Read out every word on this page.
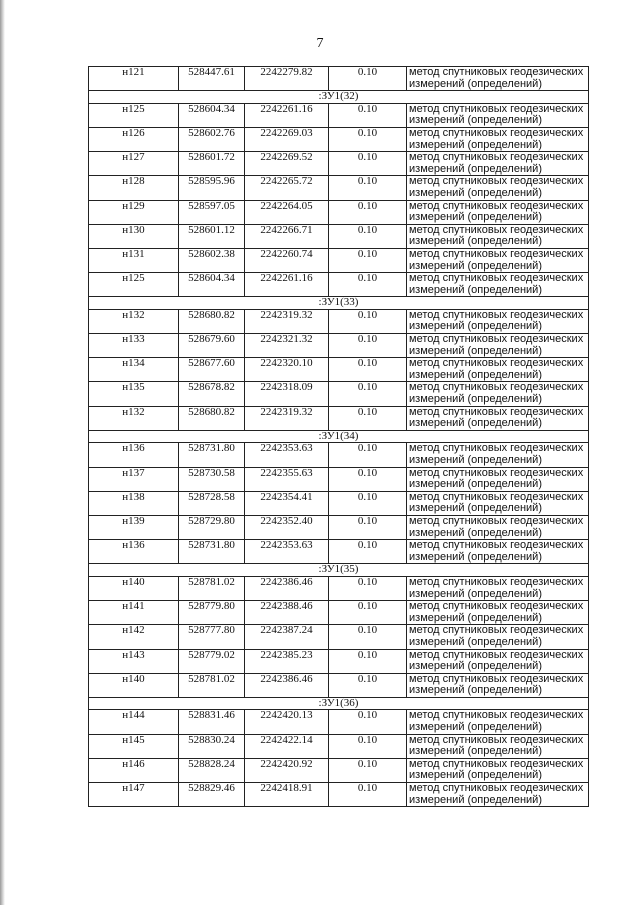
7
н121	528447.61	2242279.82	0.10	метод спутниковых геодезических
измерений (определений)

:ЗУ1(32)				
н125	528604.34	2242261.16	0.10	метод спутниковых геодезических
измерений (определений)

н126	528602.76	2242269.03	0.10	метод спутниковых геодезических
измерений (определений)

н127	528601.72	2242269.52	0.10	метод спутниковых геодезических
измерений (определений)

н128	528595.96	2242265.72	0.10	метод спутниковых геодезических
измерений (определений)

н129	528597.05	2242264.05	0.10	метод спутниковых геодезических
измерений (определений)

н130	528601.12	2242266.71	0.10	метод спутниковых геодезических
измерений (определений)

н131	528602.38	2242260.74	0.10	метод спутниковых геодезических
измерений (определений)

н125	528604.34	2242261.16	0.10	метод спутниковых геодезических
измерений (определений)

:ЗУ1(33)				
н132	528680.82	2242319.32	0.10	метод спутниковых геодезических
измерений (определений)

н133	528679.60	2242321.32	0.10	метод спутниковых геодезических
измерений (определений)

н134	528677.60	2242320.10	0.10	метод спутниковых геодезических
измерений (определений)

н135	528678.82	2242318.09	0.10	метод спутниковых геодезических
измерений (определений)

н132	528680.82	2242319.32	0.10	метод спутниковых геодезических
измерений (определений)

:ЗУ1(34)				
н136	528731.80	2242353.63	0.10	метод спутниковых геодезических
измерений (определений)

н137	528730.58	2242355.63	0.10	метод спутниковых геодезических
измерений (определений)

н138	528728.58	2242354.41	0.10	метод спутниковых геодезических
измерений (определений)

н139	528729.80	2242352.40	0.10	метод спутниковых геодезических
измерений (определений)

н136	528731.80	2242353.63	0.10	метод спутниковых геодезических
измерений (определений)

:ЗУ1(35)				
н140	528781.02	2242386.46	0.10	метод спутниковых геодезических
измерений (определений)

н141	528779.80	2242388.46	0.10	метод спутниковых геодезических
измерений (определений)

н142	528777.80	2242387.24	0.10	метод спутниковых геодезических
измерений (определений)

н143	528779.02	2242385.23	0.10	метод спутниковых геодезических
измерений (определений)

н140	528781.02	2242386.46	0.10	метод спутниковых геодезических
измерений (определений)

:ЗУ1(36)				
н144	528831.46	2242420.13	0.10	метод спутниковых геодезических
измерений (определений)

н145	528830.24	2242422.14	0.10	метод спутниковых геодезических
измерений (определений)

н146	528828.24	2242420.92	0.10	метод спутниковых геодезических
измерений (определений)

н147	528829.46	2242418.91	0.10	метод спутниковых геодезических
измерений (определений)
